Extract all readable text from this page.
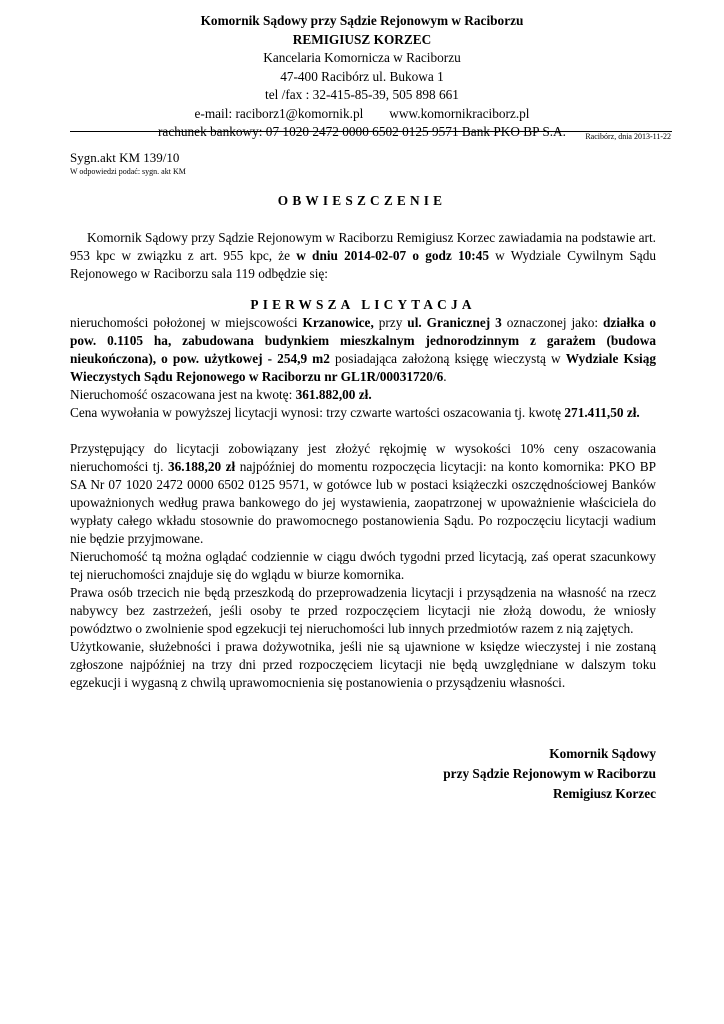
Komornik Sądowy przy Sądzie Rejonowym w Raciborzu
REMIGIUSZ KORZEC
Kancelaria Komornicza w Raciborzu
47-400 Racibórz ul. Bukowa 1
tel /fax : 32-415-85-39, 505 898 661
e-mail: raciborz1@komornik.pl www.komornikraciborz.pl
rachunek bankowy: 07 1020 2472 0000 6502 0125 9571 Bank PKO BP S.A.	Racibórz, dnia 2013-11-22
Sygn.akt KM 139/10
W odpowiedzi podać: sygn. akt KM
OBWIESZCZENIE

Komornik Sądowy przy Sądzie Rejonowym w Raciborzu Remigiusz Korzec zawiadamia na podstawie art. 953 kpc w związku z art. 955 kpc, że w dniu 2014-02-07 o godz 10:45 w Wydziale Cywilnym Sądu Rejonowego w Raciborzu sala 119 odbędzie się:

PIERWSZA LICYTACJA

nieruchomości położonej w miejscowości Krzanowice, przy ul. Granicznej 3 oznaczonej jako: działka o pow. 0.1105 ha, zabudowana budynkiem mieszkalnym jednorodzinnym z garażem (budowa nieukończona), o pow. użytkowej - 254,9 m2 posiadająca założoną księgę wieczystą w Wydziale Ksiąg Wieczystych Sądu Rejonowego w Raciborzu nr GL1R/00031720/6.

Nieruchomość oszacowana jest na kwotę: 361.882,00 zł.

Cena wywołania w powyższej licytacji wynosi: trzy czwarte wartości oszacowania tj. kwotę 271.411,50 zł.

Przystępujący do licytacji zobowiązany jest złożyć rękojmię w wysokości 10% ceny oszacowania nieruchomości tj. 36.188,20 zł najpóźniej do momentu rozpoczęcia licytacji: na konto komornika: PKO BP SA Nr 07 1020 2472 0000 6502 0125 9571, w gotówce lub w postaci książeczki oszczędnościowej Banków upoważnionych według prawa bankowego do jej wystawienia, zaopatrzonej w upoważnienie właściciela do wypłaty całego wkładu stosownie do prawomocnego postanowienia Sądu. Po rozpoczęciu licytacji wadium nie będzie przyjmowane.

Nieruchomość tą można oglądać codziennie w ciągu dwóch tygodni przed licytacją, zaś operat szacunkowy tej nieruchomości znajduje się do wglądu w biurze komornika.

Prawa osób trzecich nie będą przeszkodą do przeprowadzenia licytacji i przysądzenia na własność na rzecz nabywcy bez zastrzeżeń, jeśli osoby te przed rozpoczęciem licytacji nie złożą dowodu, że wniosły powództwo o zwolnienie spod egzekucji tej nieruchomości lub innych przedmiotów razem z nią zajętych.

Użytkowanie, służebności i prawa dożywotnika, jeśli nie są ujawnione w księdze wieczystej i nie zostaną zgłoszone najpóźniej na trzy dni przed rozpoczęciem licytacji nie będą uwzględniane w dalszym toku egzekucji i wygasną z chwilą uprawomocnienia się postanowienia o przysądzeniu własności.

Komornik Sądowy
przy Sądzie Rejonowym w Raciborzu
Remigiusz Korzec
